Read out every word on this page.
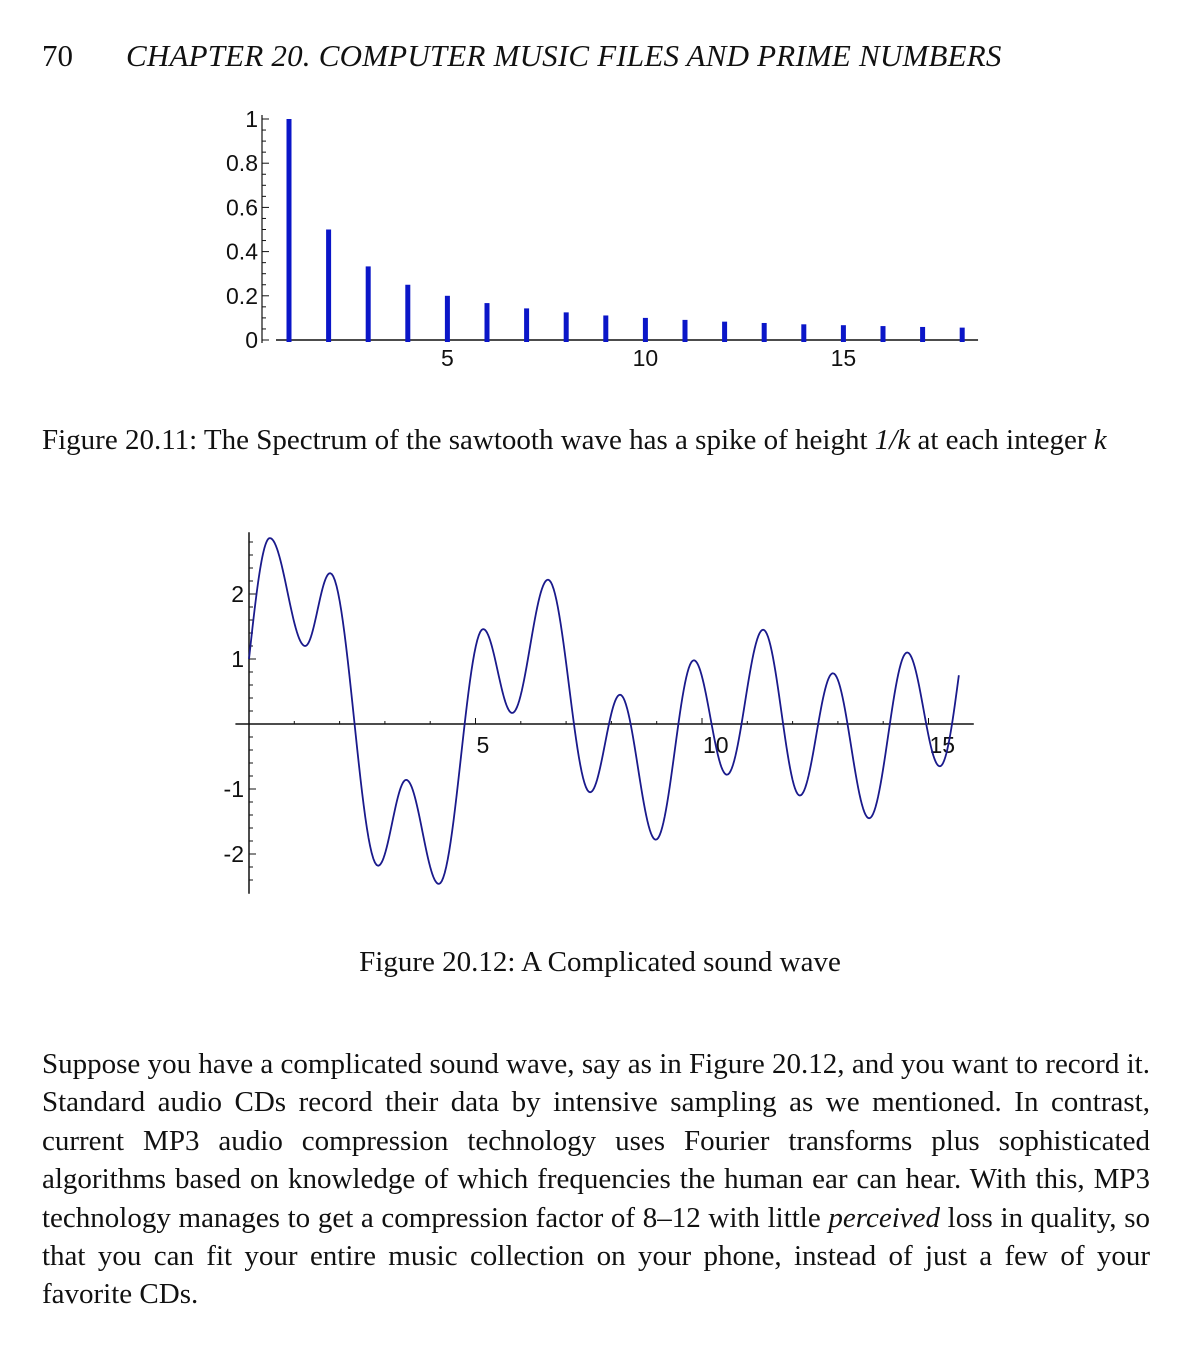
70 CHAPTER 20. COMPUTER MUSIC FILES AND PRIME NUMBERS
0
0.2
0.4
0.6
0.8
1
5	10	15
Figure 20.11: The Spectrum of the sawtooth wave has a spike of height 1/k at each integer k
-2
-1
1
2
5	10	15
Figure 20.12: A Complicated sound wave

Suppose you have a complicated sound wave, say as in Figure 20.12, and you want to record it. Standard audio CDs record their data by intensive sampling as we mentioned. In contrast, current MP3 audio compression technology uses Fourier transforms plus sophisticated algorithms based on knowledge of which frequencies the human ear can hear. With this, MP3 technology manages to get a compression factor of 8–12 with little perceived loss in quality, so that you can fit your entire music collection on your phone, instead of just a few of your favorite CDs.
